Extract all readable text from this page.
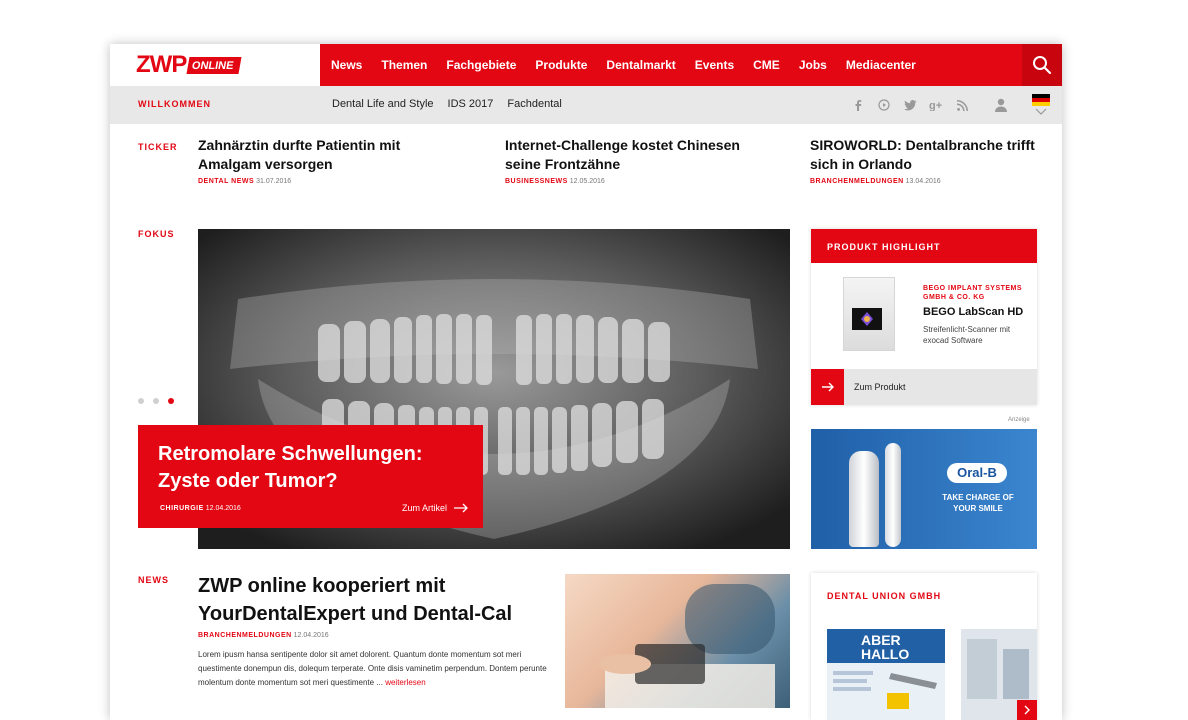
ZWP ONLINE	News Themen Fachgebiete Produkte Dentalmarkt Events CME Jobs Mediacenter
WILLKOMMEN	Dental Life and Style IDS 2017 Fachdental	g+
TICKER Zahnärztin durfte Patientin mit Amalgam versorgen
DENTAL NEWS 31.07.2016
Internet-Challenge kostet Chinesen seine Frontzähne
BUSINESSNEWS 12.05.2016
SIROWORLD: Dentalbranche trifft sich in Orlando
BRANCHENMELDUNGEN 13.04.2016
FOKUS
Retromolare Schwellungen: Zyste oder Tumor?
CHIRURGIE 12.04.2016	Zum Artikel
PRODUKT HIGHLIGHT
BEGO IMPLANT SYSTEMS GMBH & CO. KG
BEGO LabScan HD
Streifenlicht-Scanner mit exocad Software
Zum Produkt
Anzeige
Oral-B
TAKE CHARGE OF YOUR SMILE
NEWS ZWP online kooperiert mit YourDentalExpert und Dental-Cal
BRANCHENMELDUNGEN 12.04.2016
Lorem ipusm hansa sentipente dolor sit amet dolorent. Quantum donte momentum sot meri questimente donempun dis, dolequm terperate. Onte disis vaminetim perpendum. Dontem perunte molentum donte momentum sot meri questimente ... weiterlesen
DENTAL UNION GMBH
ABER HALLO
